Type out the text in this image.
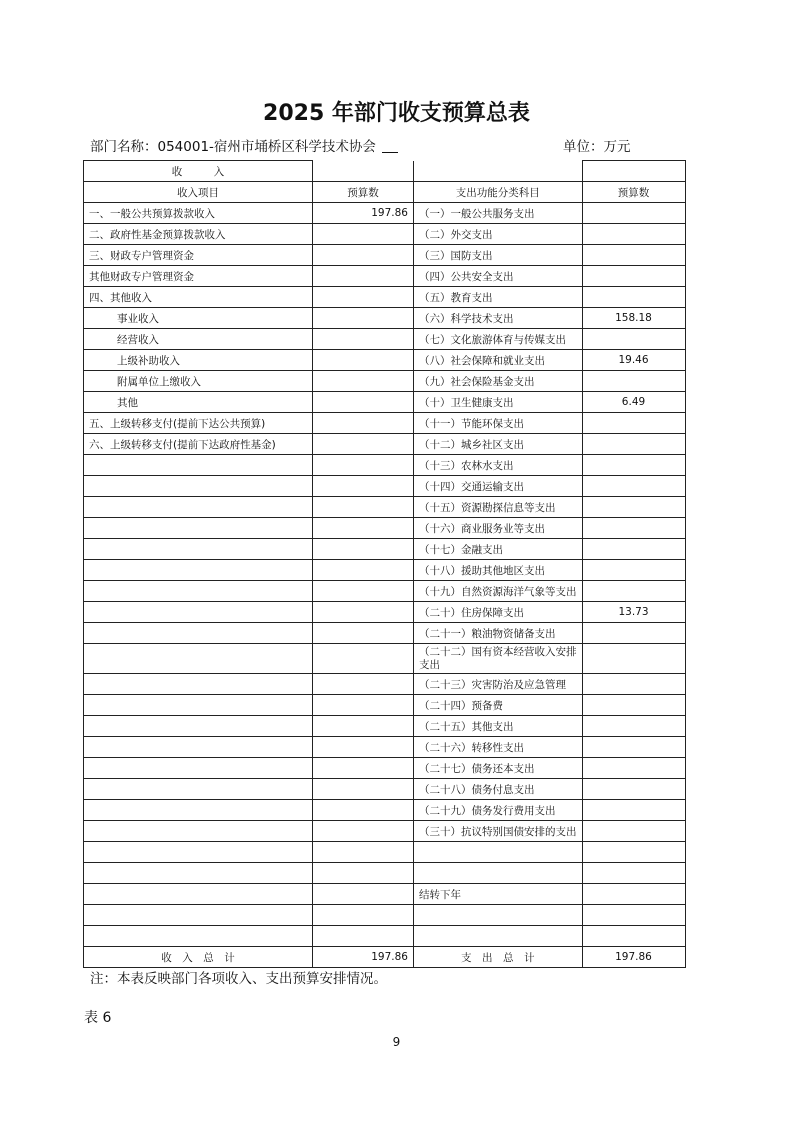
2025 年部门收支预算总表
部门名称：054001-宿州市埇桥区科学技术协会	单位：万元
收　　　入			
收入项目	预算数	支出功能分类科目	预算数
一、一般公共预算拨款收入	197.86	（一）一般公共服务支出	
二、政府性基金预算拨款收入		（二）外交支出	
三、财政专户管理资金		（三）国防支出	
其他财政专户管理资金		（四）公共安全支出	
四、其他收入		（五）教育支出	
事业收入		（六）科学技术支出	158.18
经营收入		（七）文化旅游体育与传媒支出	
上级补助收入		（八）社会保障和就业支出	19.46
附属单位上缴收入		（九）社会保险基金支出	
其他		（十）卫生健康支出	6.49
五、上级转移支付(提前下达公共预算)		（十一）节能环保支出	
六、上级转移支付(提前下达政府性基金)		（十二）城乡社区支出	
		（十三）农林水支出	
		（十四）交通运输支出	
		（十五）资源勘探信息等支出	
		（十六）商业服务业等支出	
		（十七）金融支出	
		（十八）援助其他地区支出	
		（十九）自然资源海洋气象等支出	
		（二十）住房保障支出	13.73
		（二十一）粮油物资储备支出	
		（二十二）国有资本经营收入安排支出	
		（二十三）灾害防治及应急管理	
		（二十四）预备费	
		（二十五）其他支出	
		（二十六）转移性支出	
		（二十七）债务还本支出	
		（二十八）债务付息支出	
		（二十九）债务发行费用支出	
		（三十）抗议特别国债安排的支出	

		结转下年	

收　入　总　计	197.86	支　出　总　计	197.86
注：本表反映部门各项收入、支出预算安排情况。
表 6
9
